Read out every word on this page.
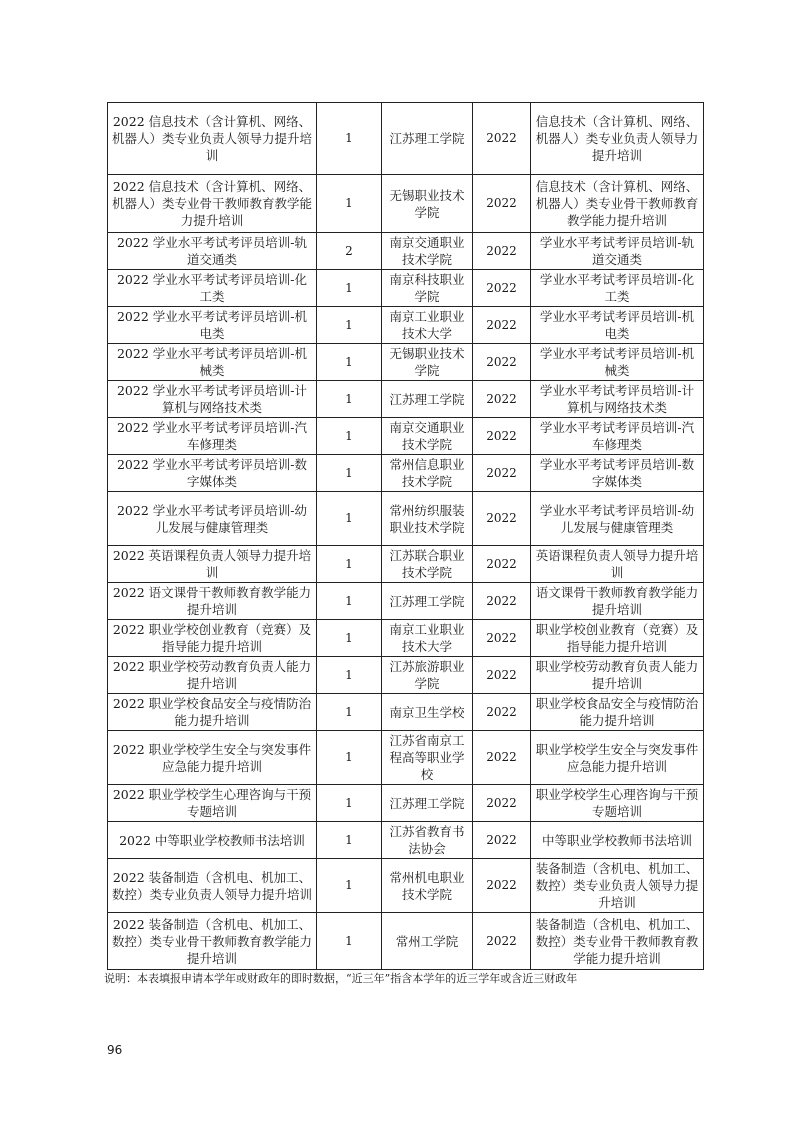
2022 信息技术（含计算机、网络、机器人）类专业负责人领导力提升培训	1	江苏理工学院	2022	信息技术（含计算机、网络、机器人）类专业负责人领导力提升培训
2022 信息技术（含计算机、网络、机器人）类专业骨干教师教育教学能力提升培训	1	无锡职业技术学院	2022	信息技术（含计算机、网络、机器人）类专业骨干教师教育教学能力提升培训
2022 学业水平考试考评员培训-轨道交通类	2	南京交通职业技术学院	2022	学业水平考试考评员培训-轨道交通类
2022 学业水平考试考评员培训-化工类	1	南京科技职业学院	2022	学业水平考试考评员培训-化工类
2022 学业水平考试考评员培训-机电类	1	南京工业职业技术大学	2022	学业水平考试考评员培训-机电类
2022 学业水平考试考评员培训-机械类	1	无锡职业技术学院	2022	学业水平考试考评员培训-机械类
2022 学业水平考试考评员培训-计算机与网络技术类	1	江苏理工学院	2022	学业水平考试考评员培训-计算机与网络技术类
2022 学业水平考试考评员培训-汽车修理类	1	南京交通职业技术学院	2022	学业水平考试考评员培训-汽车修理类
2022 学业水平考试考评员培训-数字媒体类	1	常州信息职业技术学院	2022	学业水平考试考评员培训-数字媒体类
2022 学业水平考试考评员培训-幼儿发展与健康管理类	1	常州纺织服装职业技术学院	2022	学业水平考试考评员培训-幼儿发展与健康管理类
2022 英语课程负责人领导力提升培训	1	江苏联合职业技术学院	2022	英语课程负责人领导力提升培训
2022 语文课骨干教师教育教学能力提升培训	1	江苏理工学院	2022	语文课骨干教师教育教学能力提升培训
2022 职业学校创业教育（竞赛）及指导能力提升培训	1	南京工业职业技术大学	2022	职业学校创业教育（竞赛）及指导能力提升培训
2022 职业学校劳动教育负责人能力提升培训	1	江苏旅游职业学院	2022	职业学校劳动教育负责人能力提升培训
2022 职业学校食品安全与疫情防治能力提升培训	1	南京卫生学校	2022	职业学校食品安全与疫情防治能力提升培训
2022 职业学校学生安全与突发事件应急能力提升培训	1	江苏省南京工程高等职业学校	2022	职业学校学生安全与突发事件应急能力提升培训
2022 职业学校学生心理咨询与干预专题培训	1	江苏理工学院	2022	职业学校学生心理咨询与干预专题培训
2022 中等职业学校教师书法培训	1	江苏省教育书法协会	2022	中等职业学校教师书法培训
2022 装备制造（含机电、机加工、数控）类专业负责人领导力提升培训	1	常州机电职业技术学院	2022	装备制造（含机电、机加工、数控）类专业负责人领导力提升培训
2022 装备制造（含机电、机加工、数控）类专业骨干教师教育教学能力提升培训	1	常州工学院	2022	装备制造（含机电、机加工、数控）类专业骨干教师教育教学能力提升培训
说明：本表填报申请本学年或财政年的即时数据，“近三年”指含本学年的近三学年或含近三财政年
96
